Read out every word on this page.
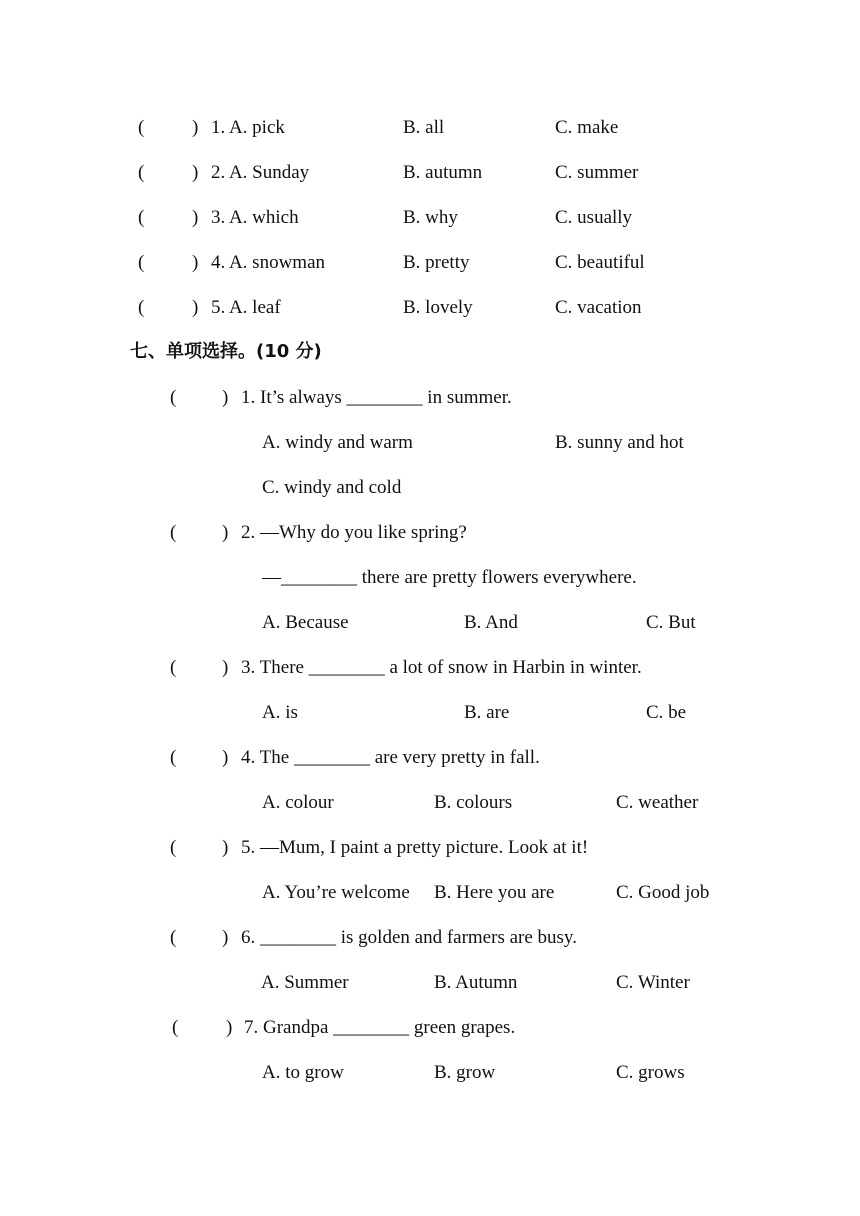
(	) 1. A. pick	B. all	C. make
(	) 2. A. Sunday	B. autumn	C. summer
(	) 3. A. which	B. why	C. usually
(	) 4. A. snowman	B. pretty	C. beautiful
(	) 5. A. leaf	B. lovely	C. vacation
七、单项选择。(10 分)
( ) 1. It’s always ________ in summer.
A. windy and warm	B. sunny and hot
C. windy and cold
( ) 2. —Why do you like spring?
—________ there are pretty flowers everywhere.
A. Because	B. And	C. But
( ) 3. There ________ a lot of snow in Harbin in winter.
A. is	B. are	C. be
( ) 4. The ________ are very pretty in fall.
A. colour	B. colours	C. weather
( ) 5. —Mum, I paint a pretty picture. Look at it!
A. You’re welcome B. Here you are	C. Good job
( ) 6. ________ is golden and farmers are busy.
A. Summer	B. Autumn	C. Winter
(	) 7. Grandpa ________ green grapes.
A. to grow	B. grow	C. grows
